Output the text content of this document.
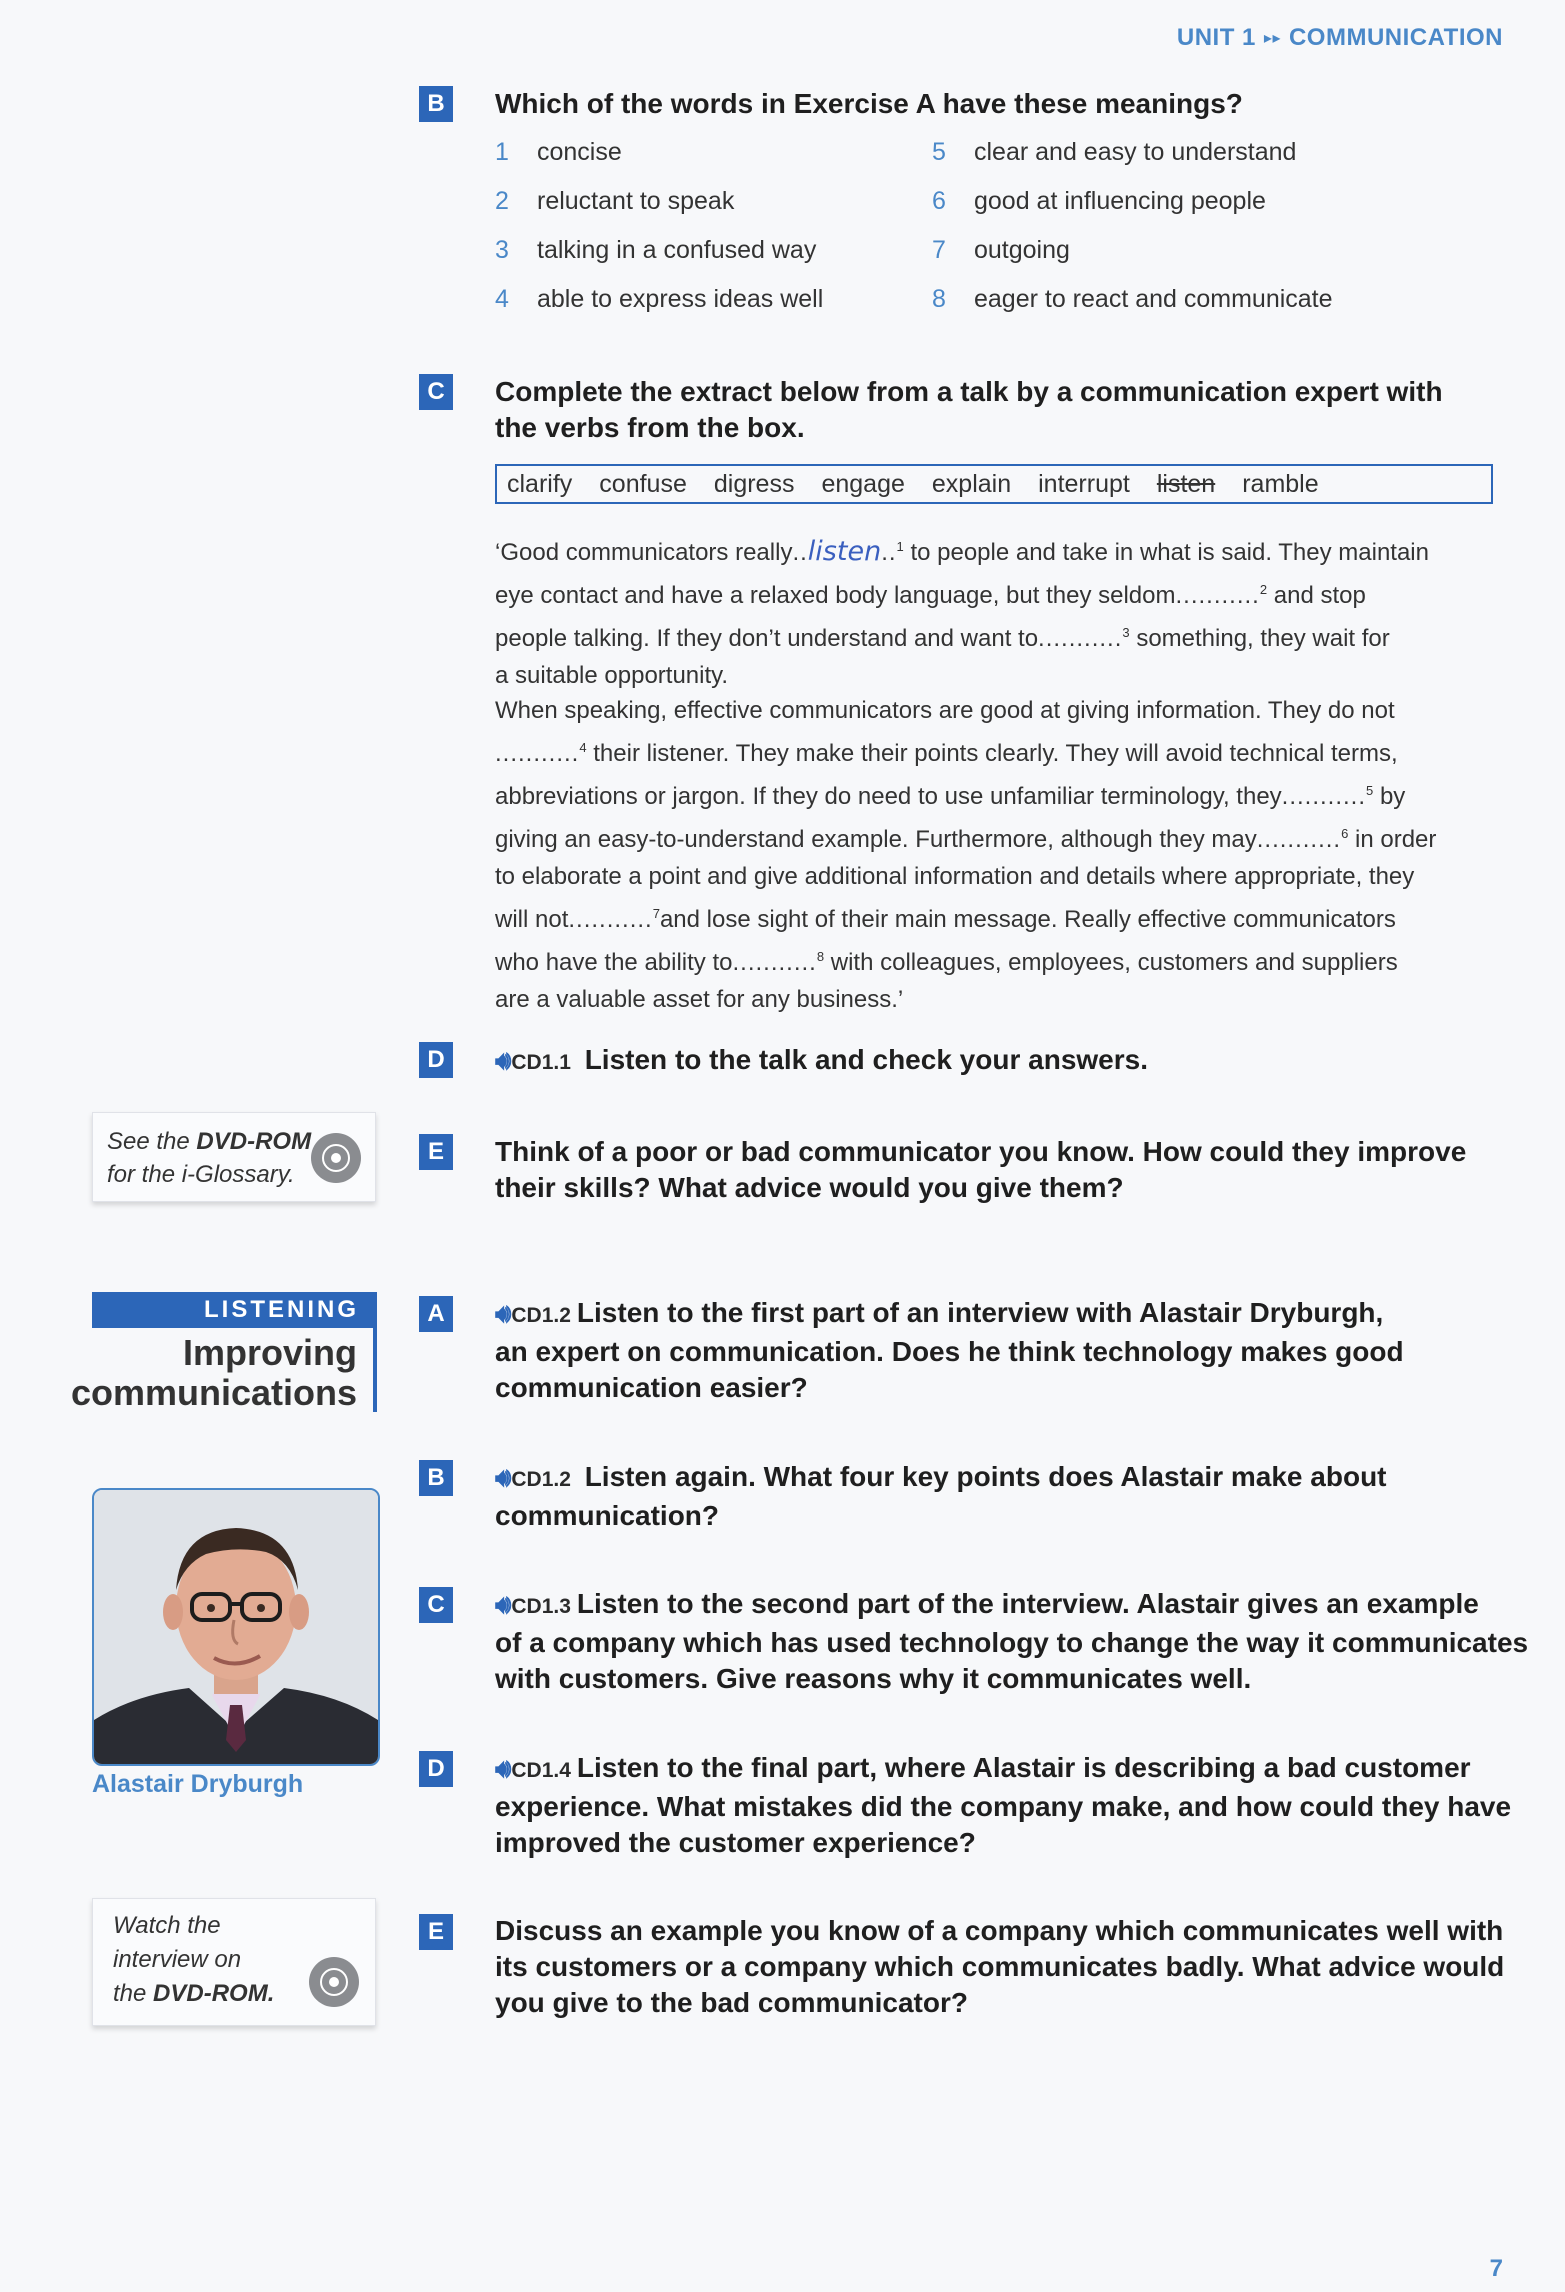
UNIT 1 ▸▸ COMMUNICATION
B Which of the words in Exercise A have these meanings?
1 concise
2 reluctant to speak
3 talking in a confused way
4 able to express ideas well
5 clear and easy to understand
6 good at influencing people
7 outgoing
8 eager to react and communicate
C Complete the extract below from a talk by a communication expert with
the verbs from the box.
clarify confuse digress engage explain interrupt listen ramble
‘Good communicators really..listen..$^1$ to people and take in what is said. They maintain
eye contact and have a relaxed body language, but they seldom...........$^2$ and stop
people talking. If they don’t understand and want to...........$^3$ something, they wait for
a suitable opportunity.
When speaking, effective communicators are good at giving information. They do not
...........$^4$ their listener. They make their points clearly. They will avoid technical terms,
abbreviations or jargon. If they do need to use unfamiliar terminology, they...........$^5$ by
giving an easy-to-understand example. Furthermore, although they may...........$^6$ in order
to elaborate a point and give additional information and details where appropriate, they
will not...........$^7$and lose sight of their main message. Really effective communicators
who have the ability to...........$^8$ with colleagues, employees, customers and suppliers
are a valuable asset for any business.’
D	🔊︎CD1.1 Listen to the talk and check your answers.
E	Think of a poor or bad communicator you know. How could they improve
their skills? What advice would you give them?
See the DVD-ROM
for the i-Glossary.
LISTENING
Improving
communications
Alastair Dryburgh
A	🔊︎CD1.2 Listen to the first part of an interview with Alastair Dryburgh,
an expert on communication. Does he think technology makes good
communication easier?
B	🔊︎CD1.2 Listen again. What four key points does Alastair make about
communication?
C	🔊︎CD1.3 Listen to the second part of the interview. Alastair gives an example
of a company which has used technology to change the way it communicates
with customers. Give reasons why it communicates well.
D	🔊︎CD1.4 Listen to the final part, where Alastair is describing a bad customer
experience. What mistakes did the company make, and how could they have
improved the customer experience?
E	Discuss an example you know of a company which communicates well with
its customers or a company which communicates badly. What advice would
you give to the bad communicator?
Watch the
interview on
the DVD-ROM.
7
